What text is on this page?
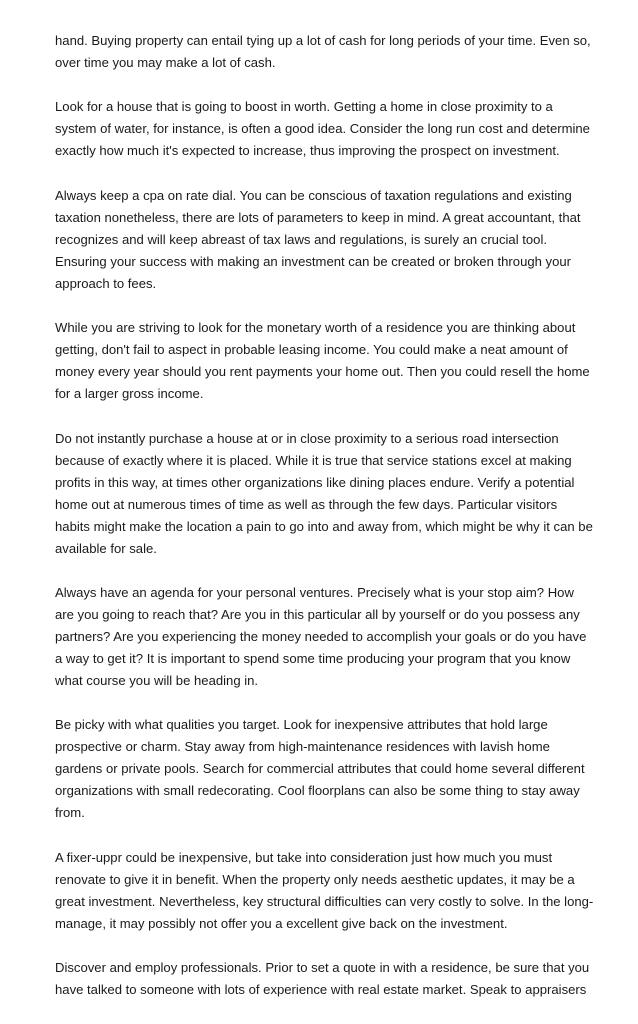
hand. Buying property can entail tying up a lot of cash for long periods of your time. Even so,
over time you may make a lot of cash.

Look for a house that is going to boost in worth. Getting a home in close proximity to a
system of water, for instance, is often a good idea. Consider the long run cost and determine
exactly how much it's expected to increase, thus improving the prospect on investment.

Always keep a cpa on rate dial. You can be conscious of taxation regulations and existing
taxation nonetheless, there are lots of parameters to keep in mind. A great accountant, that
recognizes and will keep abreast of tax laws and regulations, is surely an crucial tool.
Ensuring your success with making an investment can be created or broken through your
approach to fees.

While you are striving to look for the monetary worth of a residence you are thinking about
getting, don't fail to aspect in probable leasing income. You could make a neat amount of
money every year should you rent payments your home out. Then you could resell the home
for a larger gross income.

Do not instantly purchase a house at or in close proximity to a serious road intersection
because of exactly where it is placed. While it is true that service stations excel at making
profits in this way, at times other organizations like dining places endure. Verify a potential
home out at numerous times of time as well as through the few days. Particular visitors
habits might make the location a pain to go into and away from, which might be why it can be
available for sale.

Always have an agenda for your personal ventures. Precisely what is your stop aim? How
are you going to reach that? Are you in this particular all by yourself or do you possess any
partners? Are you experiencing the money needed to accomplish your goals or do you have
a way to get it? It is important to spend some time producing your program that you know
what course you will be heading in.

Be picky with what qualities you target. Look for inexpensive attributes that hold large
prospective or charm. Stay away from high-maintenance residences with lavish home
gardens or private pools. Search for commercial attributes that could home several different
organizations with small redecorating. Cool floorplans can also be some thing to stay away
from.

A fixer-uppr could be inexpensive, but take into consideration just how much you must
renovate to give it in benefit. When the property only needs aesthetic updates, it may be a
great investment. Nevertheless, key structural difficulties can very costly to solve. In the long-
manage, it may possibly not offer you a excellent give back on the investment.

Discover and employ professionals. Prior to set a quote in with a residence, be sure that you
have talked to someone with lots of experience with real estate market. Speak to appraisers
